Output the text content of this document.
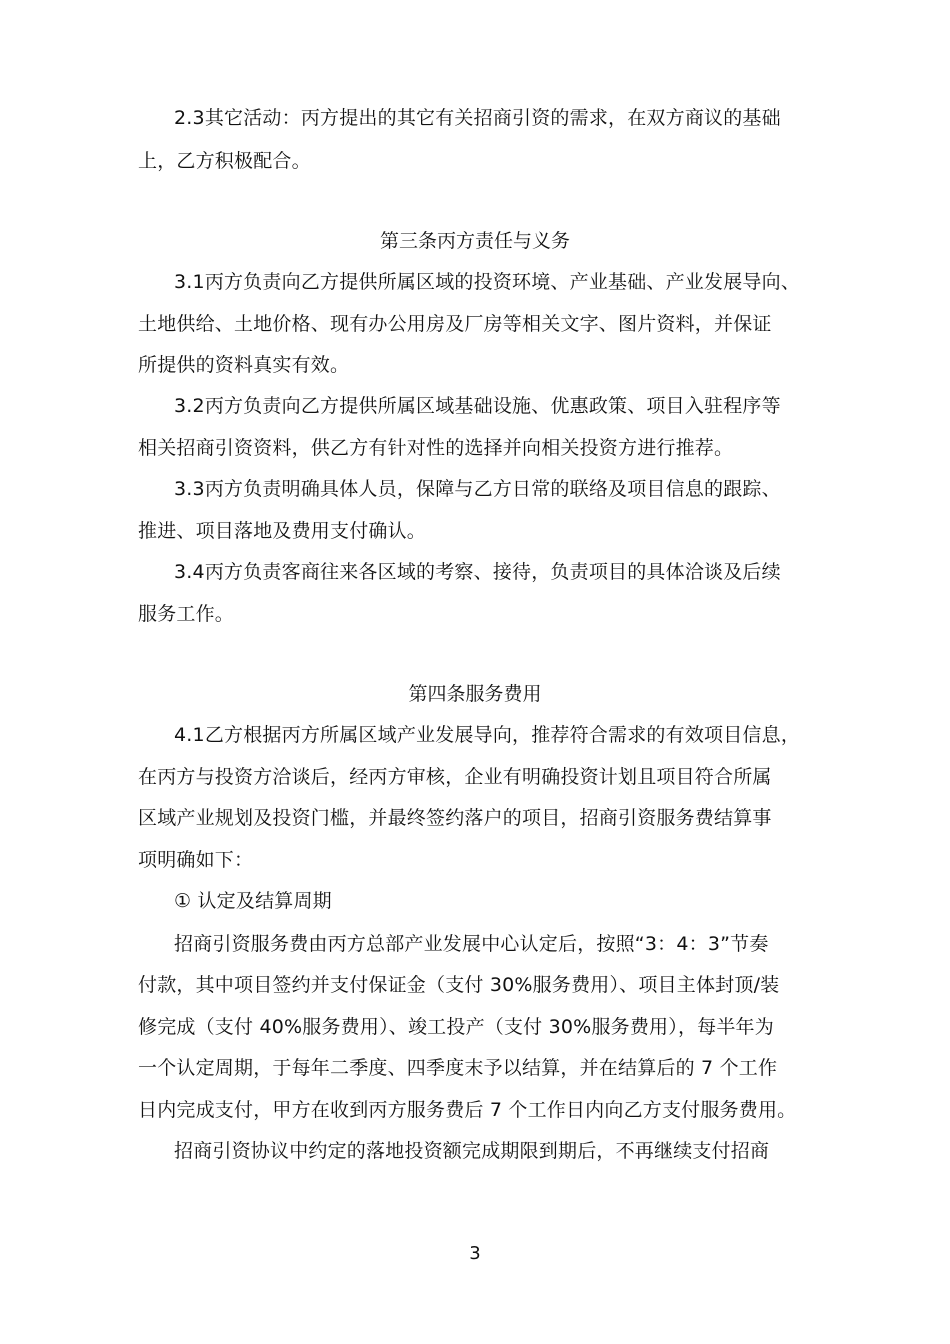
2.3其它活动：丙方提出的其它有关招商引资的需求，在双方商议的基础
上，乙方积极配合。
第三条丙方责任与义务
3.1丙方负责向乙方提供所属区域的投资环境、产业基础、产业发展导向、
土地供给、土地价格、现有办公用房及厂房等相关文字、图片资料，并保证
所提供的资料真实有效。
3.2丙方负责向乙方提供所属区域基础设施、优惠政策、项目入驻程序等
相关招商引资资料，供乙方有针对性的选择并向相关投资方进行推荐。
3.3丙方负责明确具体人员，保障与乙方日常的联络及项目信息的跟踪、
推进、项目落地及费用支付确认。
3.4丙方负责客商往来各区域的考察、接待，负责项目的具体洽谈及后续
服务工作。
第四条服务费用
4.1乙方根据丙方所属区域产业发展导向，推荐符合需求的有效项目信息，
在丙方与投资方洽谈后，经丙方审核，企业有明确投资计划且项目符合所属
区域产业规划及投资门槛，并最终签约落户的项目，招商引资服务费结算事
项明确如下：
① 认定及结算周期
招商引资服务费由丙方总部产业发展中心认定后，按照“3：4：3”节奏
付款，其中项目签约并支付保证金（支付 30%服务费用）、项目主体封顶/装
修完成（支付 40%服务费用）、竣工投产（支付 30%服务费用），每半年为
一个认定周期，于每年二季度、四季度末予以结算，并在结算后的 7 个工作
日内完成支付，甲方在收到丙方服务费后 7 个工作日内向乙方支付服务费用。
招商引资协议中约定的落地投资额完成期限到期后，不再继续支付招商
3
